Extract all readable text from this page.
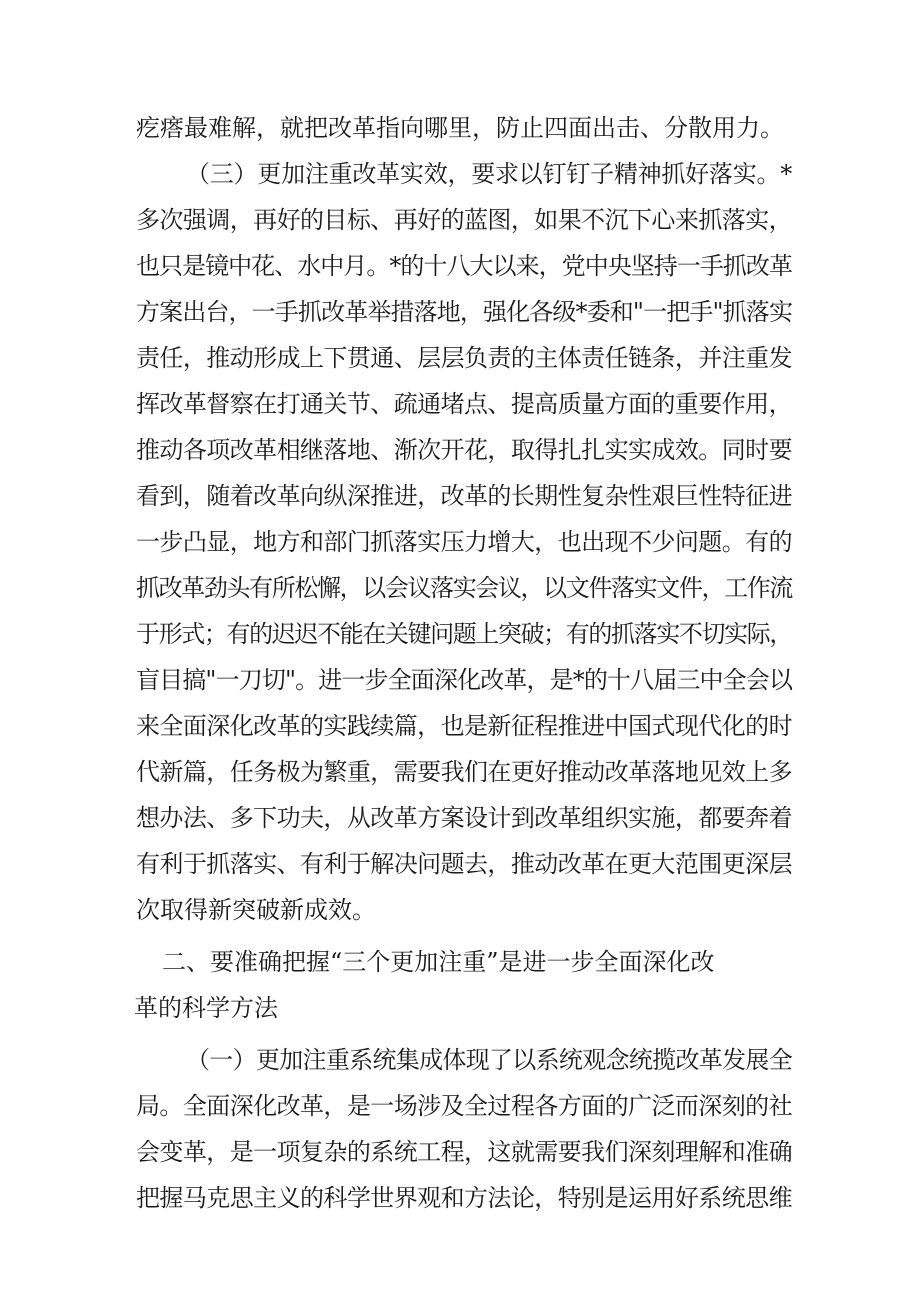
疙瘩最难解，就把改革指向哪里，防止四面出击、分散用力。
（三）更加注重改革实效，要求以钉钉子精神抓好落实。*
多次强调，再好的目标、再好的蓝图，如果不沉下心来抓落实，
也只是镜中花、水中月。*的十八大以来，党中央坚持一手抓改革
方案出台，一手抓改革举措落地，强化各级*委和"一把手"抓落实
责任，推动形成上下贯通、层层负责的主体责任链条，并注重发
挥改革督察在打通关节、疏通堵点、提高质量方面的重要作用，
推动各项改革相继落地、渐次开花，取得扎扎实实成效。同时要
看到，随着改革向纵深推进，改革的长期性复杂性艰巨性特征进
一步凸显，地方和部门抓落实压力增大，也出现不少问题。有的
抓改革劲头有所松懈，以会议落实会议，以文件落实文件，工作流
于形式；有的迟迟不能在关键问题上突破；有的抓落实不切实际，
盲目搞"一刀切"。进一步全面深化改革，是*的十八届三中全会以
来全面深化改革的实践续篇，也是新征程推进中国式现代化的时
代新篇，任务极为繁重，需要我们在更好推动改革落地见效上多
想办法、多下功夫，从改革方案设计到改革组织实施，都要奔着
有利于抓落实、有利于解决问题去，推动改革在更大范围更深层
次取得新突破新成效。
二、要准确把握“三个更加注重”是进一步全面深化改
革的科学方法
（一）更加注重系统集成体现了以系统观念统揽改革发展全
局。全面深化改革，是一场涉及全过程各方面的广泛而深刻的社
会变革，是一项复杂的系统工程，这就需要我们深刻理解和准确
把握马克思主义的科学世界观和方法论，特别是运用好系统思维
